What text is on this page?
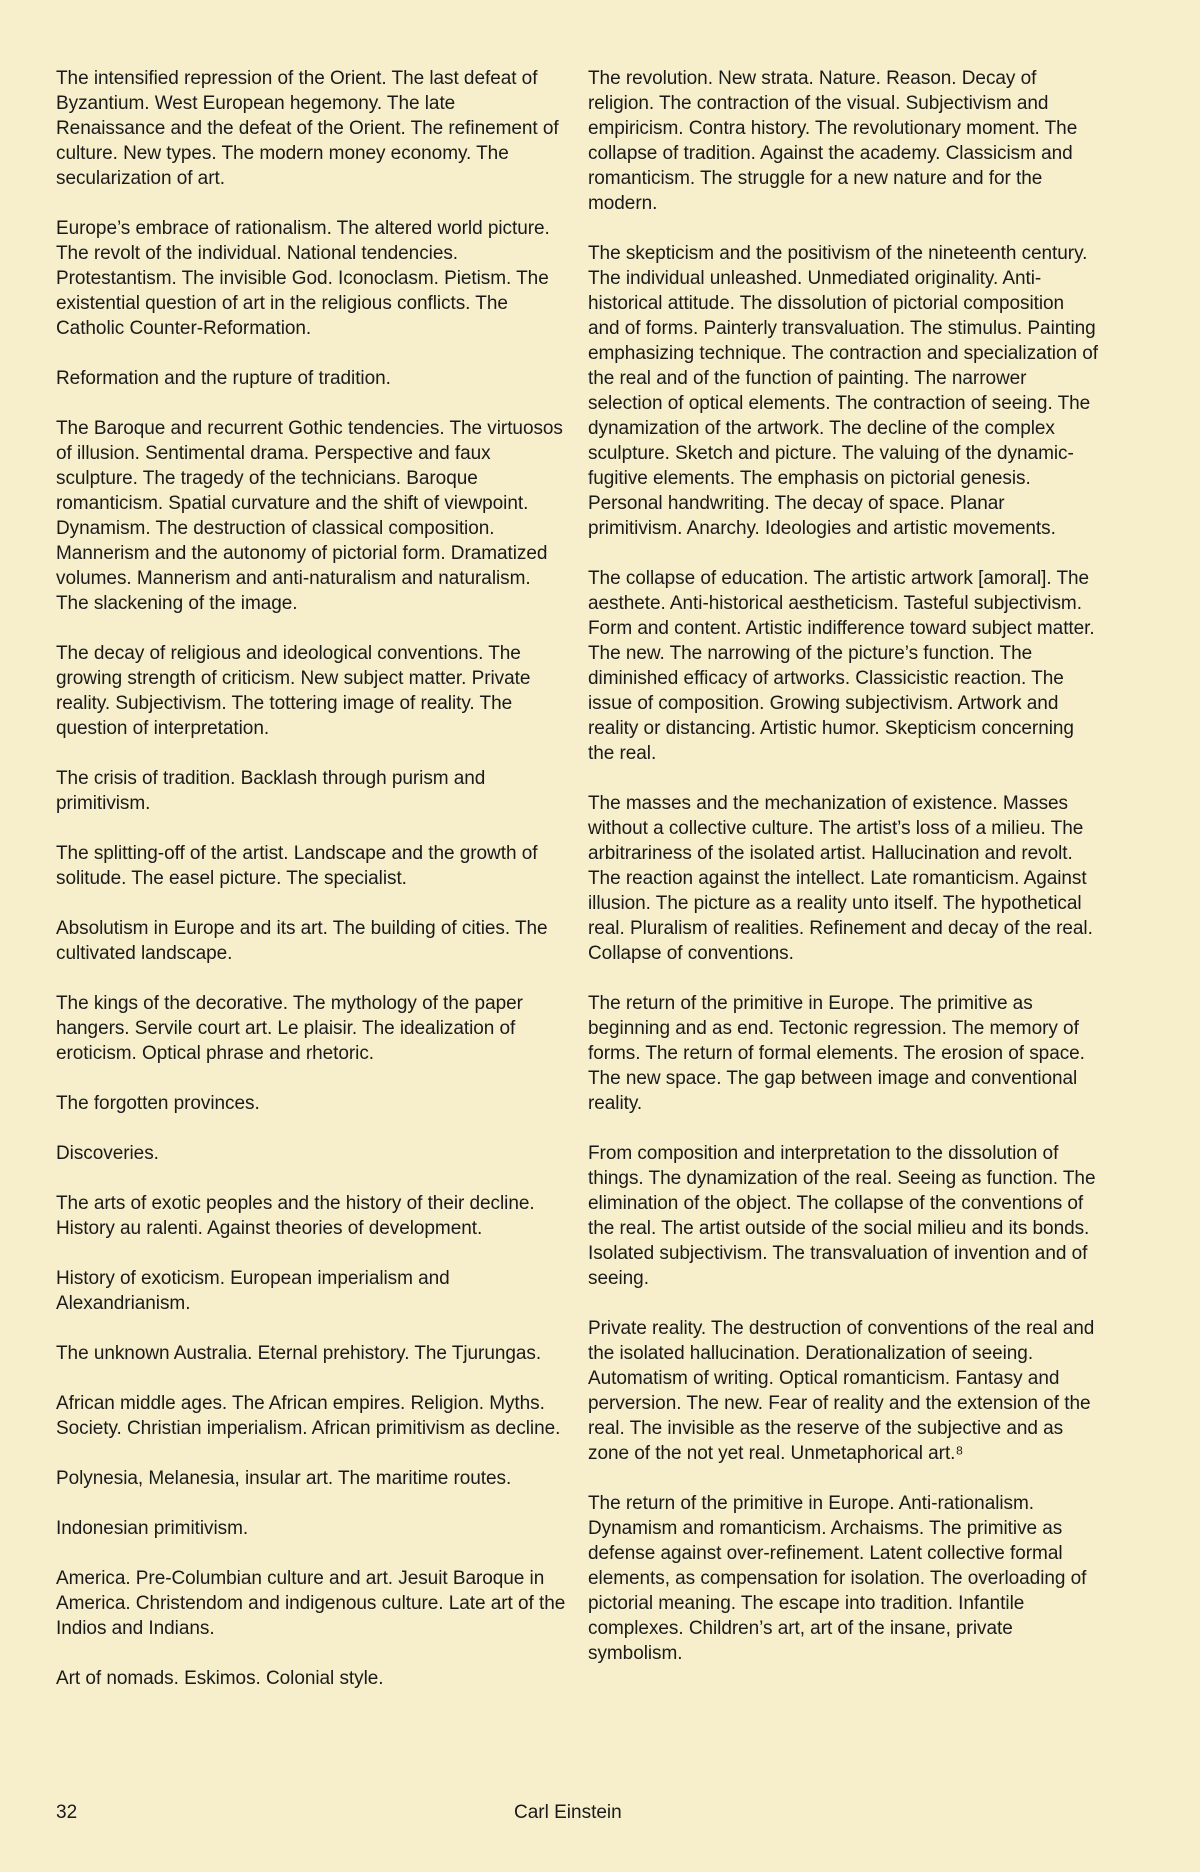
The intensified repression of the Orient. The last defeat of Byzantium. West European hegemony. The late Renaissance and the defeat of the Orient. The refinement of culture. New types. The modern money economy. The secularization of art.

Europe’s embrace of rationalism. The altered world picture. The revolt of the individual. National tendencies. Protestantism. The invisible God. Iconoclasm. Pietism. The existential question of art in the religious conflicts. The Catholic Counter-Reformation.

Reformation and the rupture of tradition.

The Baroque and recurrent Gothic tendencies. The virtuosos of illusion. Sentimental drama. Perspective and faux sculpture. The tragedy of the technicians. Baroque romanticism. Spatial curvature and the shift of viewpoint. Dynamism. The destruction of classical composition. Mannerism and the autonomy of pictorial form. Dramatized volumes. Mannerism and anti-naturalism and naturalism. The slackening of the image.

The decay of religious and ideological conventions. The growing strength of criticism. New subject matter. Private reality. Subjectivism. The tottering image of reality. The question of interpretation.

The crisis of tradition. Backlash through purism and primitivism.

The splitting-off of the artist. Landscape and the growth of solitude. The easel picture. The specialist.

Absolutism in Europe and its art. The building of cities. The cultivated landscape.

The kings of the decorative. The mythology of the paper hangers. Servile court art. Le plaisir. The idealization of eroticism. Optical phrase and rhetoric.

The forgotten provinces.

Discoveries.

The arts of exotic peoples and the history of their decline. History au ralenti. Against theories of development.

History of exoticism. European imperialism and Alexandrianism.

The unknown Australia. Eternal prehistory. The Tjurungas.

African middle ages. The African empires. Religion. Myths. Society. Christian imperialism. African primitivism as decline.

Polynesia, Melanesia, insular art. The maritime routes.

Indonesian primitivism.

America. Pre-Columbian culture and art. Jesuit Baroque in America. Christendom and indigenous culture. Late art of the Indios and Indians.

Art of nomads. Eskimos. Colonial style.

The revolution. New strata. Nature. Reason. Decay of religion. The contraction of the visual. Subjectivism and empiricism. Contra history. The revolutionary moment. The collapse of tradition. Against the academy. Classicism and romanticism. The struggle for a new nature and for the modern.

The skepticism and the positivism of the nineteenth century. The individual unleashed. Unmediated originality. Anti-historical attitude. The dissolution of pictorial composition and of forms. Painterly transvaluation. The stimulus. Painting emphasizing technique. The contraction and specialization of the real and of the function of painting. The narrower selection of optical elements. The contraction of seeing. The dynamization of the artwork. The decline of the complex sculpture. Sketch and picture. The valuing of the dynamic-fugitive elements. The emphasis on pictorial genesis. Personal handwriting. The decay of space. Planar primitivism. Anarchy. Ideologies and artistic movements.

The collapse of education. The artistic artwork [amoral]. The aesthete. Anti-historical aestheticism. Tasteful subjectivism. Form and content. Artistic indifference toward subject matter. The new. The narrowing of the picture’s function. The diminished efficacy of artworks. Classicistic reaction. The issue of composition. Growing subjectivism. Artwork and reality or distancing. Artistic humor. Skepticism concerning the real.

The masses and the mechanization of existence. Masses without a collective culture. The artist’s loss of a milieu. The arbitrariness of the isolated artist. Hallucination and revolt. The reaction against the intellect. Late romanticism. Against illusion. The picture as a reality unto itself. The hypothetical real. Pluralism of realities. Refinement and decay of the real. Collapse of conventions.

The return of the primitive in Europe. The primitive as beginning and as end. Tectonic regression. The memory of forms. The return of formal elements. The erosion of space. The new space. The gap between image and conventional reality.

From composition and interpretation to the dissolution of things. The dynamization of the real. Seeing as function. The elimination of the object. The collapse of the conventions of the real. The artist outside of the social milieu and its bonds. Isolated subjectivism. The transvaluation of invention and of seeing.

Private reality. The destruction of conventions of the real and the isolated hallucination. Derationalization of seeing. Automatism of writing. Optical romanticism. Fantasy and perversion. The new. Fear of reality and the extension of the real. The invisible as the reserve of the subjective and as zone of the not yet real. Unmetaphorical art.⁸

The return of the primitive in Europe. Anti-rationalism. Dynamism and romanticism. Archaisms. The primitive as defense against over-refinement. Latent collective formal elements, as compensation for isolation. The overloading of pictorial meaning. The escape into tradition. Infantile complexes. Children’s art, art of the insane, private symbolism.

32	Carl Einstein
